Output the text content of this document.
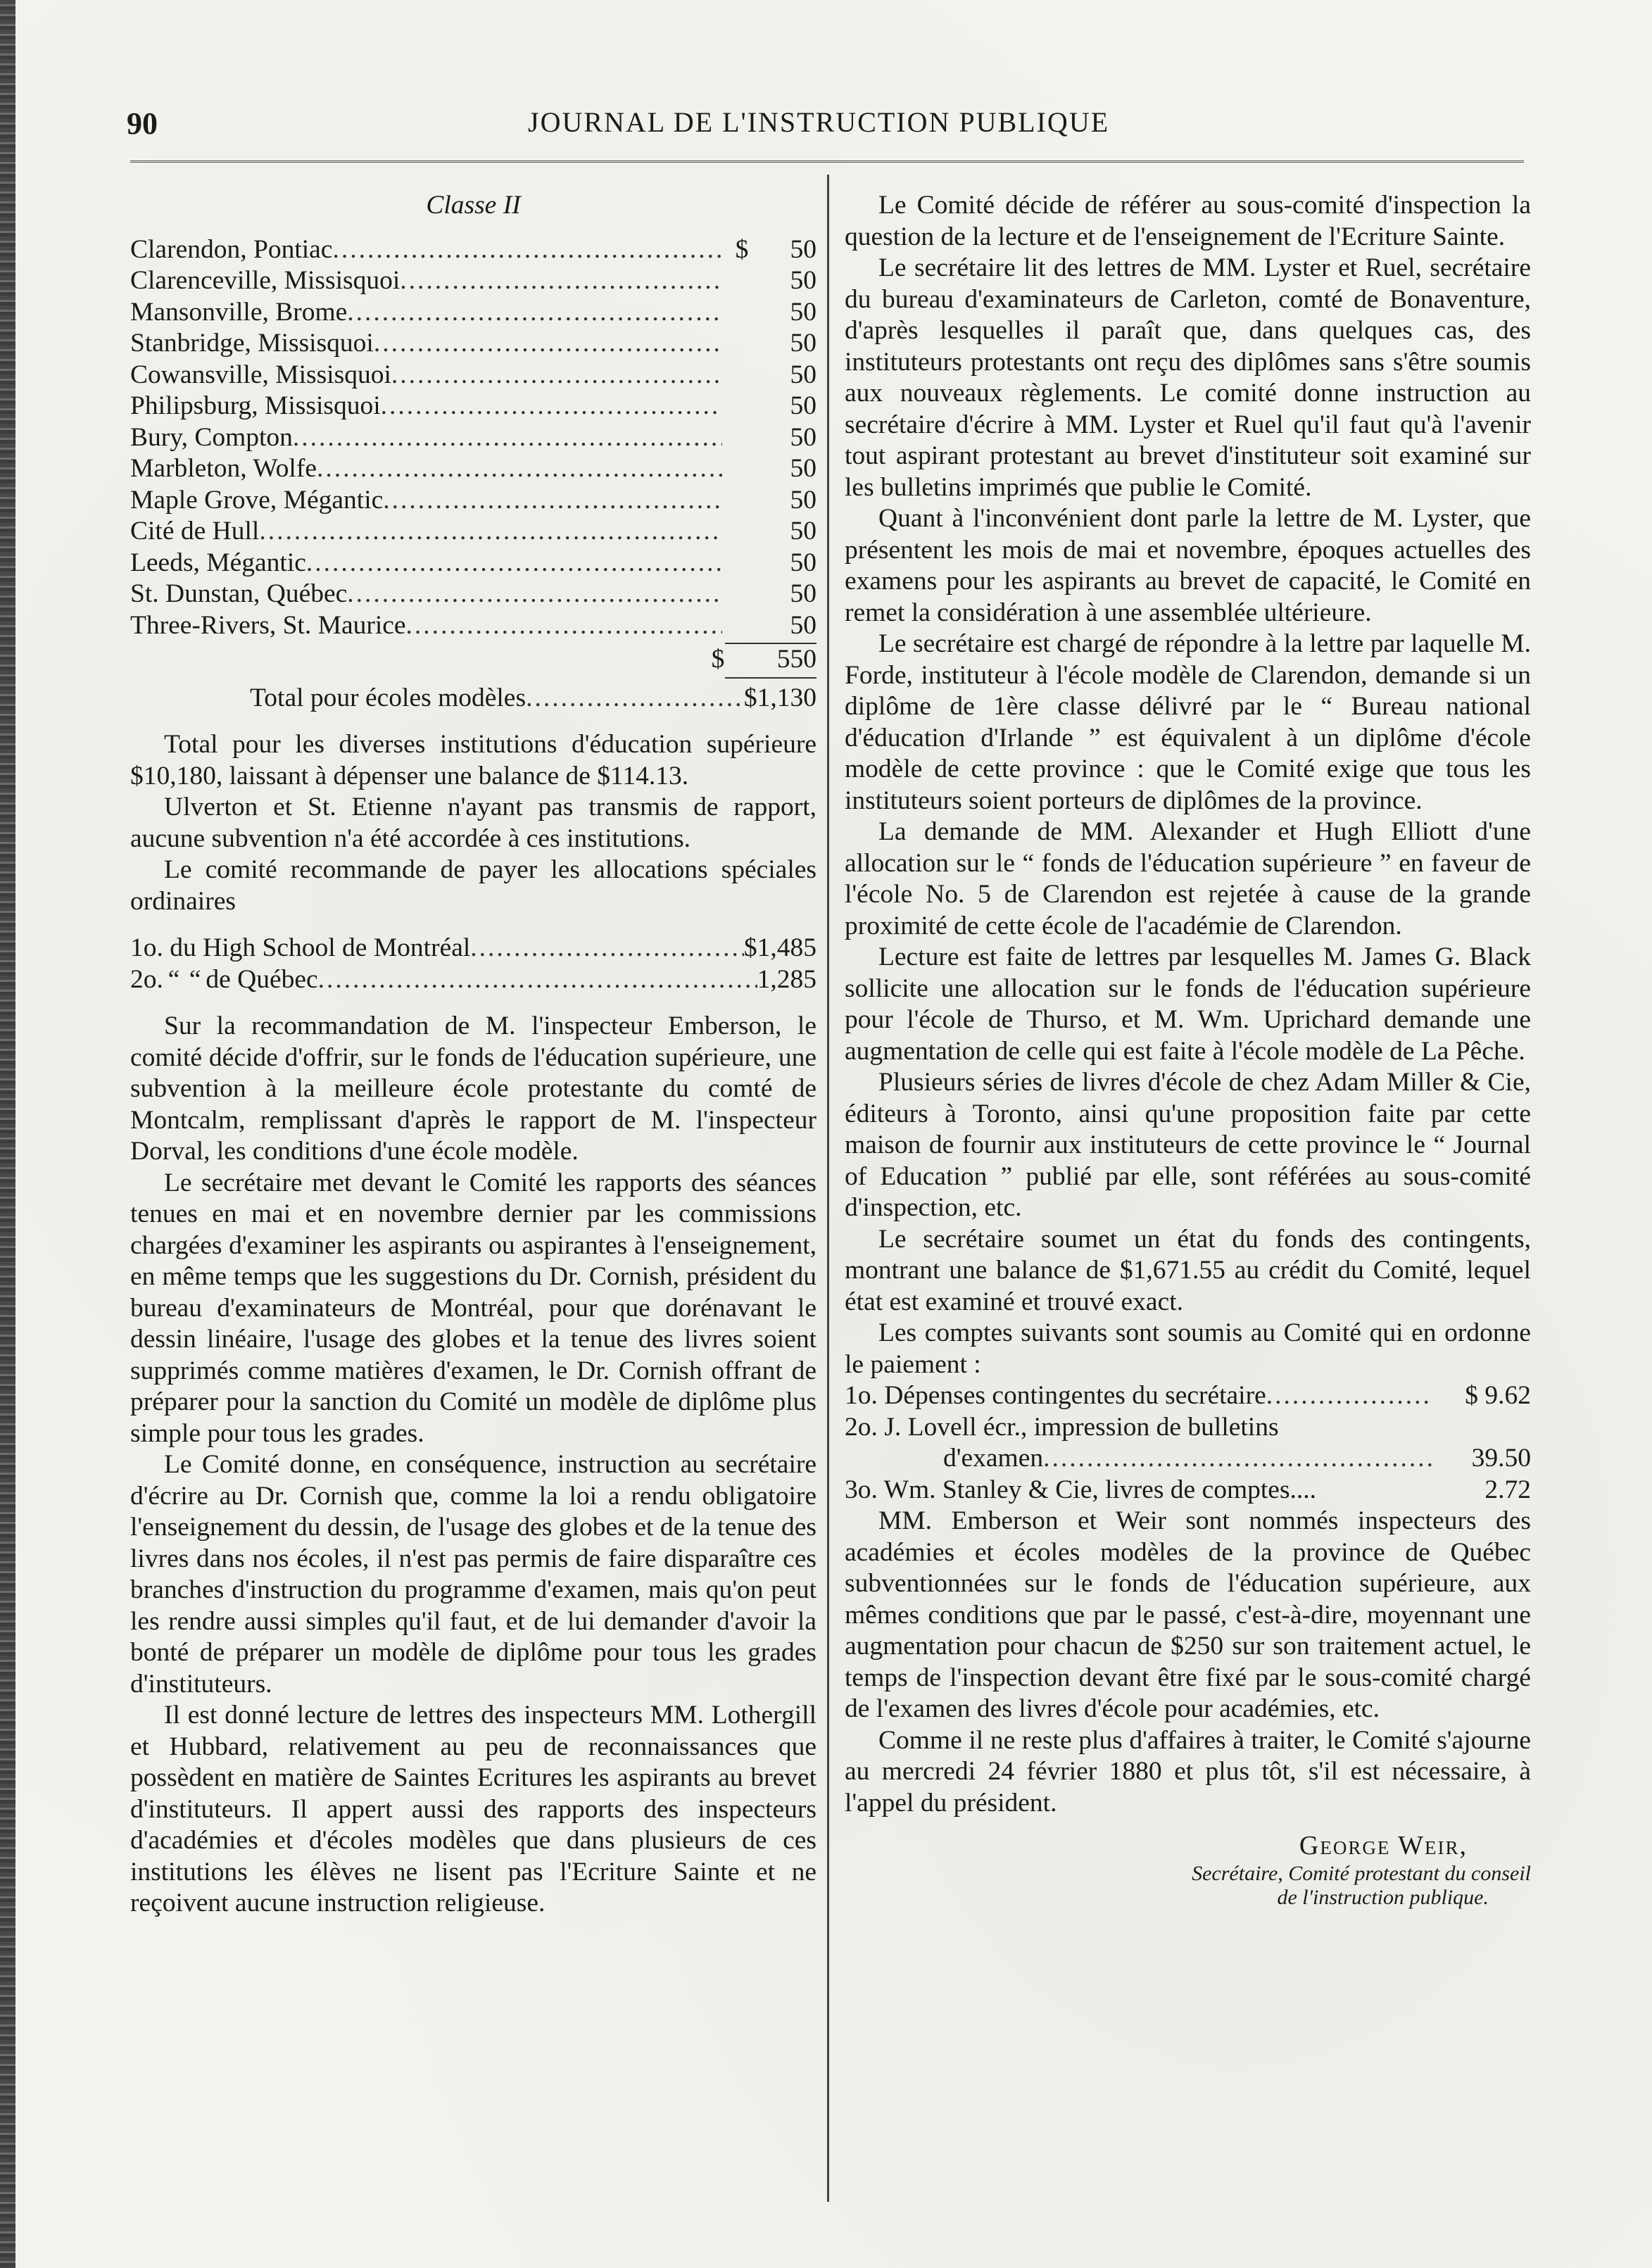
90	JOURNAL DE L'INSTRUCTION PUBLIQUE

Classe II

Clarendon, Pontiac .....	$ 50
Clarenceville, Missisquoi .....	50
Mansonville, Brome .....	50
Stanbridge, Missisquoi .....	50
Cowansville, Missisquoi .....	50
Philipsburg, Missisquoi .....	50
Bury, Compton .....	50
Marbleton, Wolfe .....	50
Maple Grove, Mégantic .....	50
Cité de Hull .....	50
Leeds, Mégantic .....	50
St. Dunstan, Québec .....	50
Three-Rivers, St. Maurice .....	50
$ 550
Total pour écoles modèles .....	$1,130

Total pour les diverses institutions d'éducation supérieure $10,180, laissant à dépenser une balance de $114.13.

Ulverton et St. Etienne n'ayant pas transmis de rapport, aucune subvention n'a été accordée à ces institutions.

Le comité recommande de payer les allocations spéciales ordinaires

1o. du High School de Montréal .....	$1,485
2o. “ “ de Québec .....	1,285

Sur la recommandation de M. l'inspecteur Emberson, le comité décide d'offrir, sur le fonds de l'éducation supérieure, une subvention à la meilleure école protestante du comté de Montcalm, remplissant d'après le rapport de M. l'inspecteur Dorval, les conditions d'une école modèle.

Le secrétaire met devant le Comité les rapports des séances tenues en mai et en novembre dernier par les commissions chargées d'examiner les aspirants ou aspirantes à l'enseignement, en même temps que les suggestions du Dr. Cornish, président du bureau d'examinateurs de Montréal, pour que dorénavant le dessin linéaire, l'usage des globes et la tenue des livres soient supprimés comme matières d'examen, le Dr. Cornish offrant de préparer pour la sanction du Comité un modèle de diplôme plus simple pour tous les grades.

Le Comité donne, en conséquence, instruction au secrétaire d'écrire au Dr. Cornish que, comme la loi a rendu obligatoire l'enseignement du dessin, de l'usage des globes et de la tenue des livres dans nos écoles, il n'est pas permis de faire disparaître ces branches d'instruction du programme d'examen, mais qu'on peut les rendre aussi simples qu'il faut, et de lui demander d'avoir la bonté de préparer un modèle de diplôme pour tous les grades d'instituteurs.

Il est donné lecture de lettres des inspecteurs MM. Lothergill et Hubbard, relativement au peu de reconnaissances que possèdent en matière de Saintes Ecritures les aspirants au brevet d'instituteurs. Il appert aussi des rapports des inspecteurs d'académies et d'écoles modèles que dans plusieurs de ces institutions les élèves ne lisent pas l'Ecriture Sainte et ne reçoivent aucune instruction religieuse.

Le Comité décide de référer au sous-comité d'inspection la question de la lecture et de l'enseignement de l'Ecriture Sainte.

Le secrétaire lit des lettres de MM. Lyster et Ruel, secrétaire du bureau d'examinateurs de Carleton, comté de Bonaventure, d'après lesquelles il paraît que, dans quelques cas, des instituteurs protestants ont reçu des diplômes sans s'être soumis aux nouveaux règlements. Le comité donne instruction au secrétaire d'écrire à MM. Lyster et Ruel qu'il faut qu'à l'avenir tout aspirant protestant au brevet d'instituteur soit examiné sur les bulletins imprimés que publie le Comité.

Quant à l'inconvénient dont parle la lettre de M. Lyster, que présentent les mois de mai et novembre, époques actuelles des examens pour les aspirants au brevet de capacité, le Comité en remet la considération à une assemblée ultérieure.

Le secrétaire est chargé de répondre à la lettre par laquelle M. Forde, instituteur à l'école modèle de Clarendon, demande si un diplôme de 1ère classe délivré par le “ Bureau national d'éducation d'Irlande ” est équivalent à un diplôme d'école modèle de cette province : que le Comité exige que tous les instituteurs soient porteurs de diplômes de la province.

La demande de MM. Alexander et Hugh Elliott d'une allocation sur le “ fonds de l'éducation supérieure ” en faveur de l'école No. 5 de Clarendon est rejetée à cause de la grande proximité de cette école de l'académie de Clarendon.

Lecture est faite de lettres par lesquelles M. James G. Black sollicite une allocation sur le fonds de l'éducation supérieure pour l'école de Thurso, et M. Wm. Uprichard demande une augmentation de celle qui est faite à l'école modèle de La Pêche.

Plusieurs séries de livres d'école de chez Adam Miller & Cie, éditeurs à Toronto, ainsi qu'une proposition faite par cette maison de fournir aux instituteurs de cette province le “ Journal of Education ” publié par elle, sont référées au sous-comité d'inspection, etc.

Le secrétaire soumet un état du fonds des contingents, montrant une balance de $1,671.55 au crédit du Comité, lequel état est examiné et trouvé exact.

Les comptes suivants sont soumis au Comité qui en ordonne le paiement :

1o. Dépenses contingentes du secrétaire .....	$ 9.62
2o. J. Lovell écr., impression de bulletins
d'examen .....	39.50
3o. Wm. Stanley & Cie, livres de comptes....	2.72

MM. Emberson et Weir sont nommés inspecteurs des académies et écoles modèles de la province de Québec subventionnées sur le fonds de l'éducation supérieure, aux mêmes conditions que par le passé, c'est-à-dire, moyennant une augmentation pour chacun de $250 sur son traitement actuel, le temps de l'inspection devant être fixé par le sous-comité chargé de l'examen des livres d'école pour académies, etc.

Comme il ne reste plus d'affaires à traiter, le Comité s'ajourne au mercredi 24 février 1880 et plus tôt, s'il est nécessaire, à l'appel du président.

George Weir,
Secrétaire, Comité protestant du conseil
de l'instruction publique.
